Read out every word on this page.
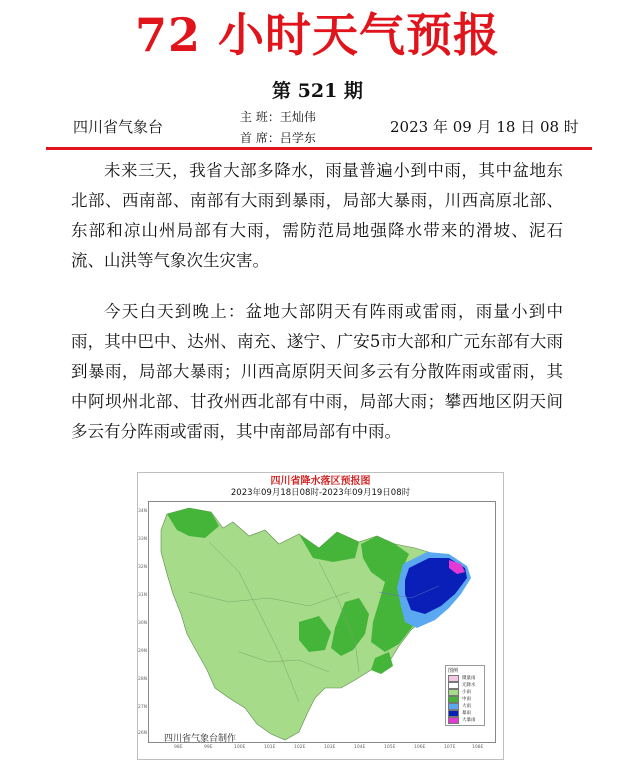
72 小时天气预报
第 521 期
四川省气象台
主 班：王灿伟
首 席：吕学东
2023 年 09 月 18 日 08 时
未来三天，我省大部多降水，雨量普遍小到中雨，其中盆地东北部、西南部、南部有大雨到暴雨，局部大暴雨，川西高原北部、东部和凉山州局部有大雨，需防范局地强降水带来的滑坡、泥石流、山洪等气象次生灾害。
今天白天到晚上：盆地大部阴天有阵雨或雷雨，雨量小到中雨，其中巴中、达州、南充、遂宁、广安5市大部和广元东部有大雨到暴雨，局部大暴雨；川西高原阴天间多云有分散阵雨或雷雨，其中阿坝州北部、甘孜州西北部有中雨，局部大雨；攀西地区阴天间多云有分阵雨或雷雨，其中南部局部有中雨。
四川省降水落区预报图
2023年09月18日08时-2023年09月19日08时
34N
33N
32N
31N
30N
29N
28N
27N
26N
98E	99E	100E	101E	102E	103E	104E	105E	106E	107E	108E
四川省气象台制作
图例
微量雨
无降水
小雨
中雨
大雨
暴雨
大暴雨
